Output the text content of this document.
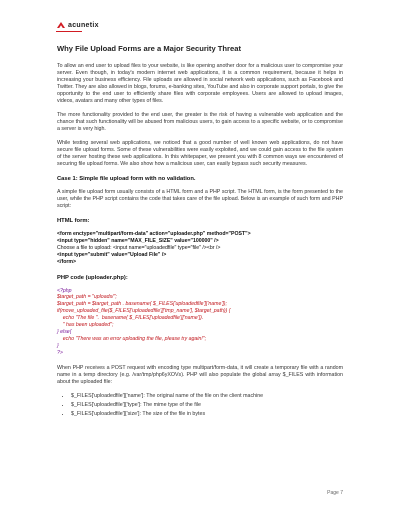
acunetix
Why File Upload Forms are a Major Security Threat

To allow an end user to upload files to your website, is like opening another door for a malicious user to compromise your server. Even though, in today's modern internet web applications, it is a common requirement, because it helps in increasing your business efficiency. File uploads are allowed in social network web applications, such as Facebook and Twitter. They are also allowed in blogs, forums, e-banking sites, YouTube and also in corporate support portals, to give the opportunity to the end user to efficiently share files with corporate employees. Users are allowed to upload images, videos, avatars and many other types of files.

The more functionality provided to the end user, the greater is the risk of having a vulnerable web application and the chance that such functionality will be abused from malicious users, to gain access to a specific website, or to compromise a server is very high.

While testing several web applications, we noticed that a good number of well known web applications, do not have secure file upload forms. Some of these vulnerabilities were easily exploited, and we could gain access to the file system of the server hosting these web applications. In this whitepaper, we present you with 8 common ways we encountered of securing file upload forms. We also show how a malicious user, can easily bypass such security measures.

Case 1: Simple file upload form with no validation.

A simple file upload form usually consists of a HTML form and a PHP script. The HTML form, is the form presented to the user, while the PHP script contains the code that takes care of the file upload. Below is an example of such form and PHP script:

HTML form:
<form enctype="multipart/form-data" action="uploader.php" method="POST">
<input type="hidden" name="MAX_FILE_SIZE" value="100000" />
Choose a file to upload: <input name="uploadedfile" type="file" /><br />
<input type="submit" value="Upload File" />
</form>
PHP code (uploader.php):
<?php
$target_path = "uploads/";
$target_path = $target_path . basename( $_FILES['uploadedfile']['name']);
if(move_uploaded_file($_FILES['uploadedfile']['tmp_name'], $target_path)) {
echo "The file ".  basename( $_FILES['uploadedfile']['name']).
" has been uploaded";
} else{
echo "There was an error uploading the file, please try again!";
}
?>

When PHP receives a POST request with encoding type multipart/form-data, it will create a temporary file with a random name in a temp directory (e.g. /var/tmp/php6yXOVs). PHP will also populate the global array $_FILES with information about the uploaded file:

• $_FILES['uploadedfile']['name']: The original name of the file on the client machine
• $_FILES['uploadedfile']['type']: The mime type of the file
• $_FILES['uploadedfile']['size']: The size of the file in bytes
Page 7
